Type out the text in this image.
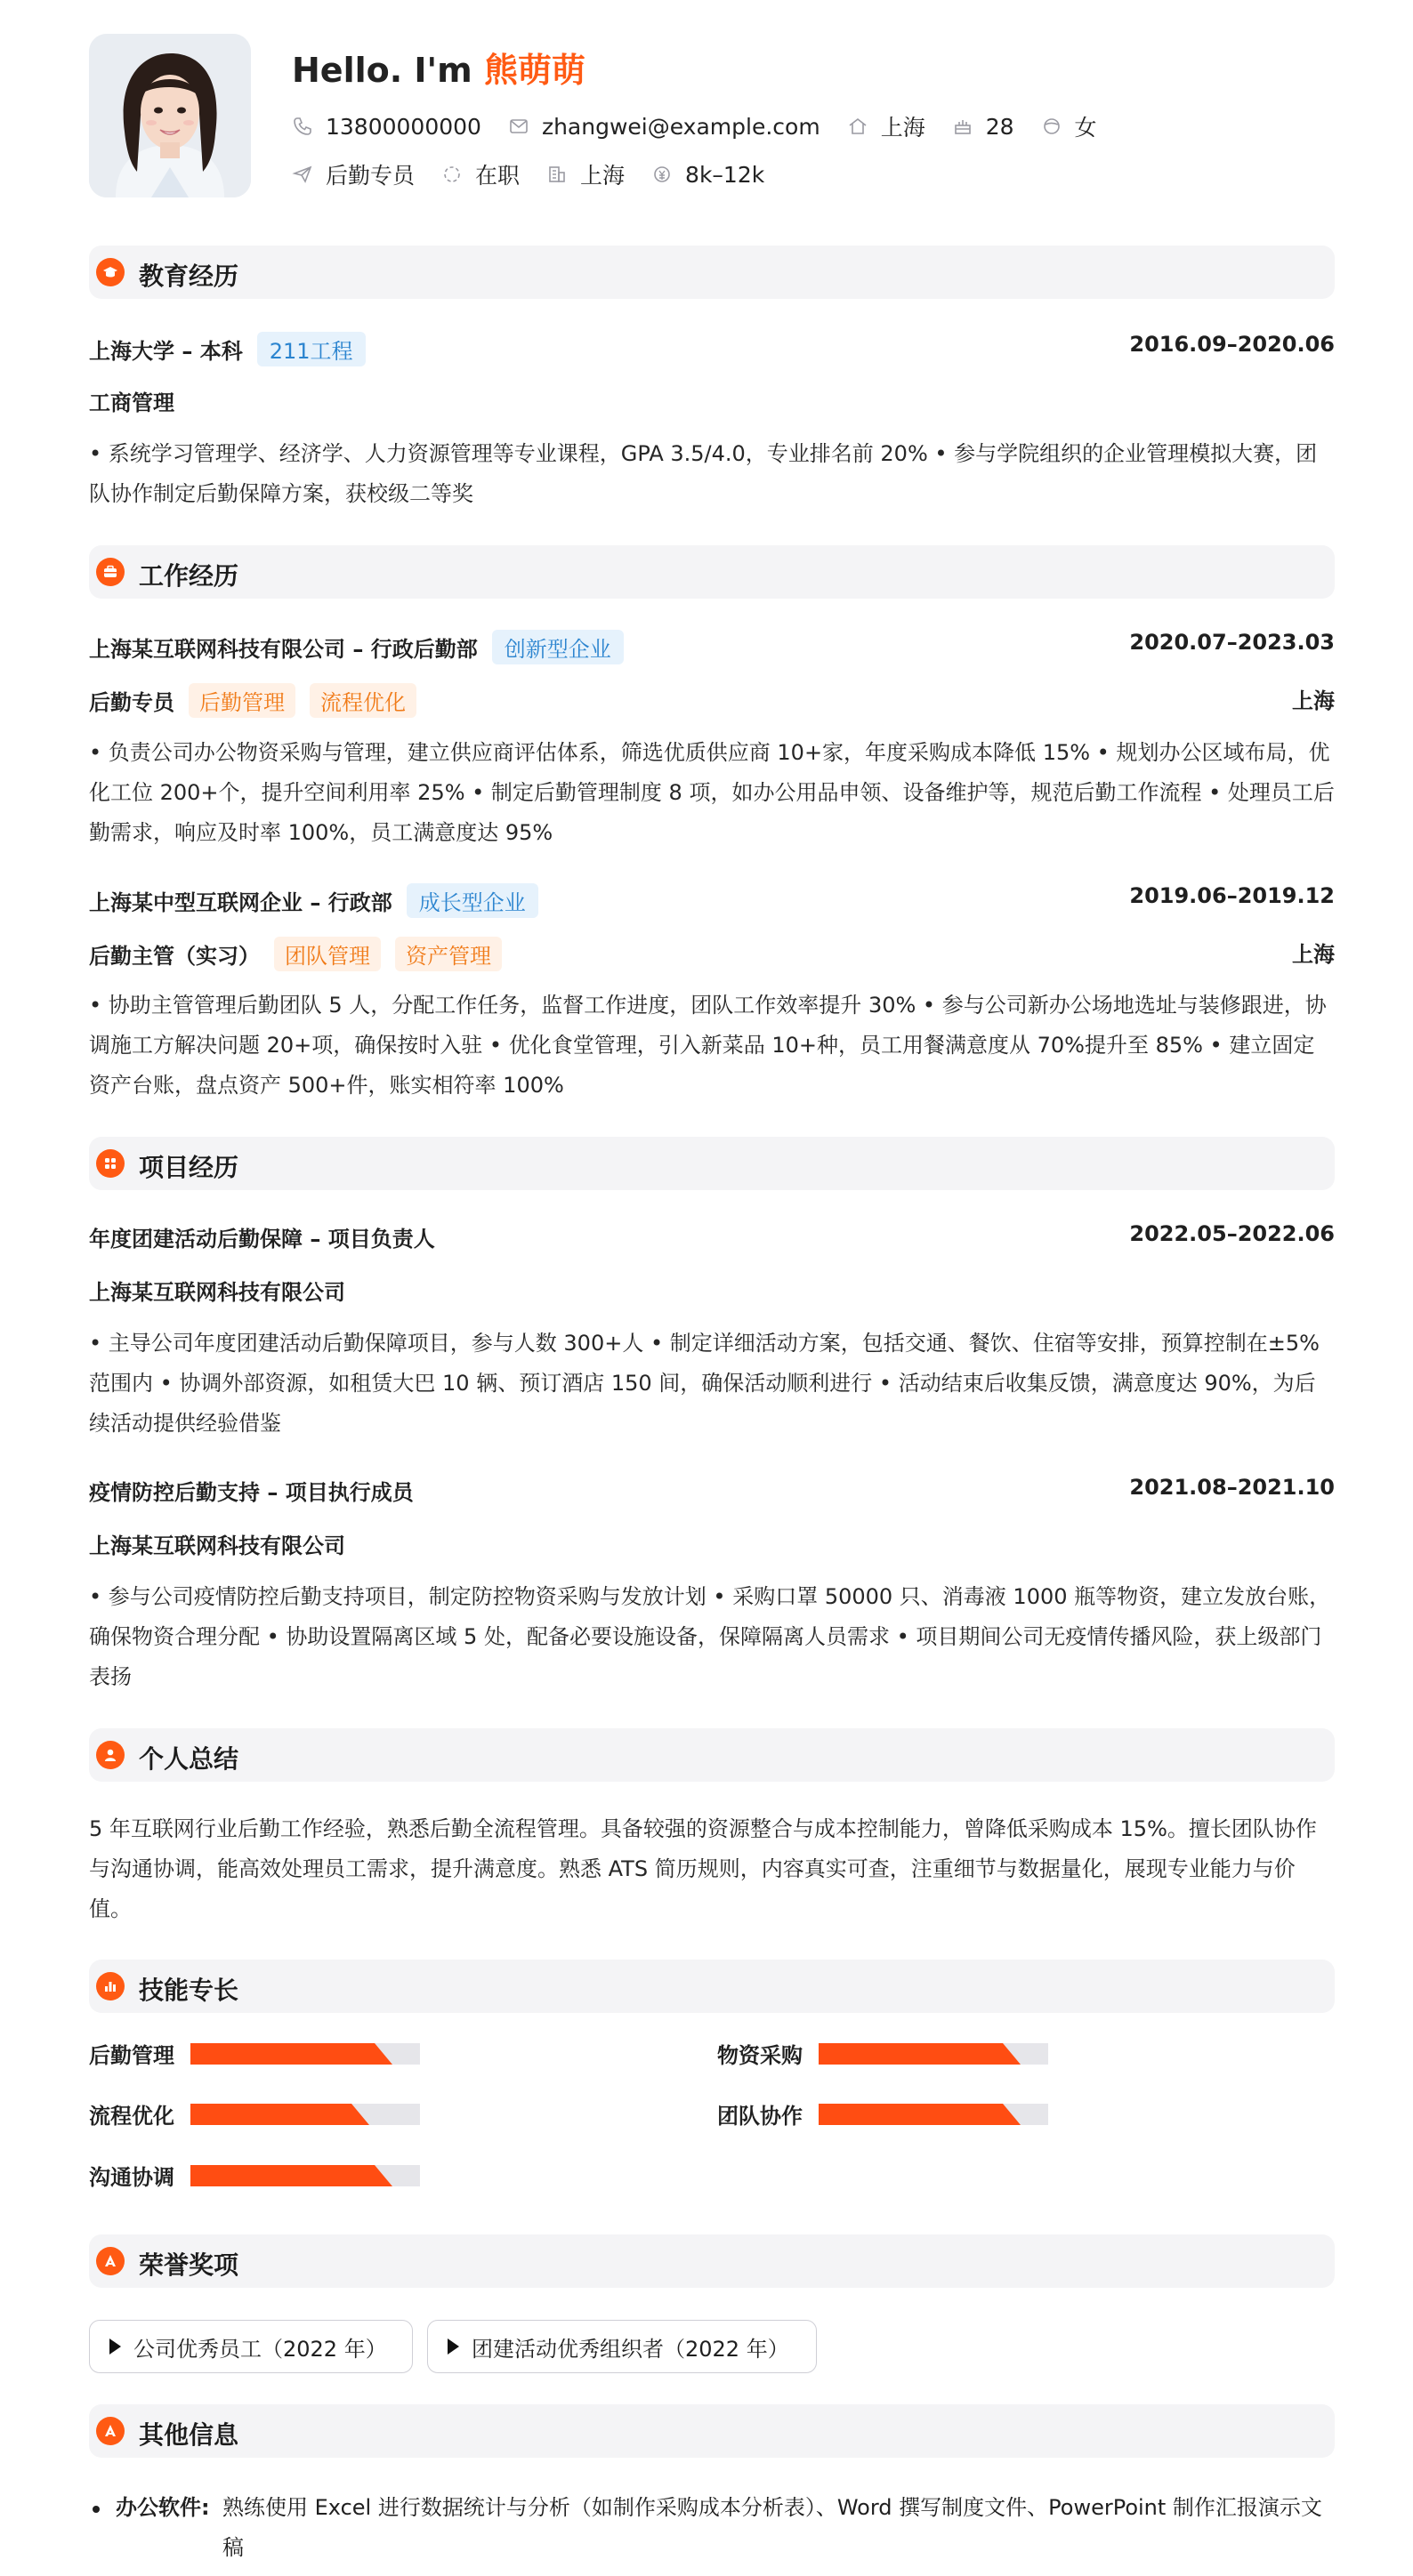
Hello. I'm 熊萌萌
13800000000	zhangwei@example.com	上海	28	女
后勤专员	在职	上海	8k–12k
教育经历
上海大学 – 本科	211工程	2016.09–2020.06
工商管理
• 系统学习管理学、经济学、人力资源管理等专业课程，GPA 3.5/4.0，专业排名前 20% • 参与学院组织的企业管理模拟大赛，团队协作制定后勤保障方案，获校级二等奖
工作经历
上海某互联网科技有限公司 – 行政后勤部	创新型企业	2020.07–2023.03
后勤专员	后勤管理	流程优化	上海
• 负责公司办公物资采购与管理，建立供应商评估体系，筛选优质供应商 10+家，年度采购成本降低 15% • 规划办公区域布局，优化工位 200+个，提升空间利用率 25% • 制定后勤管理制度 8 项，如办公用品申领、设备维护等，规范后勤工作流程 • 处理员工后勤需求，响应及时率 100%，员工满意度达 95%
上海某中型互联网企业 – 行政部	成长型企业	2019.06–2019.12
后勤主管（实习）	团队管理	资产管理	上海
• 协助主管管理后勤团队 5 人，分配工作任务，监督工作进度，团队工作效率提升 30% • 参与公司新办公场地选址与装修跟进，协调施工方解决问题 20+项，确保按时入驻 • 优化食堂管理，引入新菜品 10+种，员工用餐满意度从 70%提升至 85% • 建立固定资产台账，盘点资产 500+件，账实相符率 100%
项目经历
年度团建活动后勤保障 – 项目负责人	2022.05–2022.06
上海某互联网科技有限公司
• 主导公司年度团建活动后勤保障项目，参与人数 300+人 • 制定详细活动方案，包括交通、餐饮、住宿等安排，预算控制在±5%范围内 • 协调外部资源，如租赁大巴 10 辆、预订酒店 150 间，确保活动顺利进行 • 活动结束后收集反馈，满意度达 90%，为后续活动提供经验借鉴
疫情防控后勤支持 – 项目执行成员	2021.08–2021.10
上海某互联网科技有限公司
• 参与公司疫情防控后勤支持项目，制定防控物资采购与发放计划 • 采购口罩 50000 只、消毒液 1000 瓶等物资，建立发放台账，确保物资合理分配 • 协助设置隔离区域 5 处，配备必要设施设备，保障隔离人员需求 • 项目期间公司无疫情传播风险，获上级部门表扬
个人总结
5 年互联网行业后勤工作经验，熟悉后勤全流程管理。具备较强的资源整合与成本控制能力，曾降低采购成本 15%。擅长团队协作与沟通协调，能高效处理员工需求，提升满意度。熟悉 ATS 简历规则，内容真实可查，注重细节与数据量化，展现专业能力与价值。
技能专长
后勤管理	物资采购
流程优化	团队协作
沟通协调
荣誉奖项
公司优秀员工（2022 年）	团建活动优秀组织者（2022 年）
其他信息
办公软件: 熟练使用 Excel 进行数据统计与分析（如制作采购成本分析表）、Word 撰写制度文件、PowerPoint 制作汇报演示文稿
